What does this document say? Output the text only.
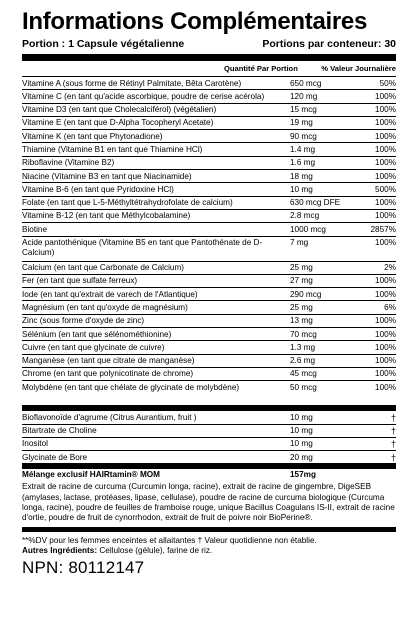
Informations Complémentaires
Portion : 1 Capsule végétalienne	Portions par conteneur: 30
Quantité Par Portion	% Valeur Journalière
Vitamine A (sous forme de Rétinyl Palmitate, Bêta Carotène)	650 mcg	50%
Vitamine C (en tant qu'acide ascorbique, poudre de cerise acérola)	120 mg	100%
Vitamine D3 (en tant que Cholecalciférol) (végétalien)	15 mcg	100%
Vitamine E (en tant que D-Alpha Tocopheryl Acetate)	19 mg	100%
Vitamine K (en tant que Phytonadione)	90 mcg	100%
Thiamine (Vitamine B1 en tant que Thiamine HCl)	1.4 mg	100%
Riboflavine (Vitamine B2)	1.6 mg	100%
Niacine (Vitamine B3 en tant que Niacinamide)	18 mg	100%
Vitamine B-6 (en tant que Pyridoxine HCl)	10 mg	500%
Folate (en tant que L-5-Méthyltétrahydrofolate de calcium)	630 mcg DFE	100%
Vitamine B-12 (en tant que Méthylcobalamine)	2.8 mcg	100%
Biotine	1000 mcg	2857%
Acide pantothénique (Vitamine B5 en tant que Pantothénate de D-Calcium)
7 mg	100%
Calcium (en tant que Carbonate de Calcium)	25 mg	2%
Fer (en tant que sulfate ferreux)	27 mg	100%
Iode (en tant qu'extrait de varech de l'Atlantique)	290 mcg	100%
Magnésium (en tant qu'oxyde de magnésium)	25 mg	6%
Zinc (sous forme d'oxyde de zinc)	13 mg	100%
Sélénium (en tant que sélénométhionine)	70 mcg	100%
Cuivre (en tant que glycinate de cuivre)	1.3 mg	100%
Manganèse (en tant que citrate de manganèse)	2.6 mg	100%
Chrome (en tant que polynicotinate de chrome)	45 mcg	100%
Molybdène (en tant que chélate de glycinate de molybdène)	50 mcg	100%
Bioflavonoïde d'agrume (Citrus Aurantium, fruit )	10 mg	†
Bitartrate de Choline	10 mg	†
Inositol	10 mg	†
Glycinate de Bore	20 mg	†
Mélange exclusif HAIRtamin® MOM	157mg
Extrait de racine de curcuma (Curcumin longa, racine), extrait de racine de gingembre, DigeSEB (amylases, lactase, protéases, lipase, cellulase), poudre de racine de curcuma biologique (Curcuma longa, racine), poudre de feuilles de framboise rouge, unique Bacillus Coagulans IS-II, extrait de racine d'ortie, poudre de fruit de cynorrhodon, extrait de fruit de poivre noir BioPerine®.
**%DV pour les femmes enceintes et allaitantes † Valeur quotidienne non établie.
Autres Ingrédients: Cellulose (gélule), farine de riz.
NPN: 80112147
